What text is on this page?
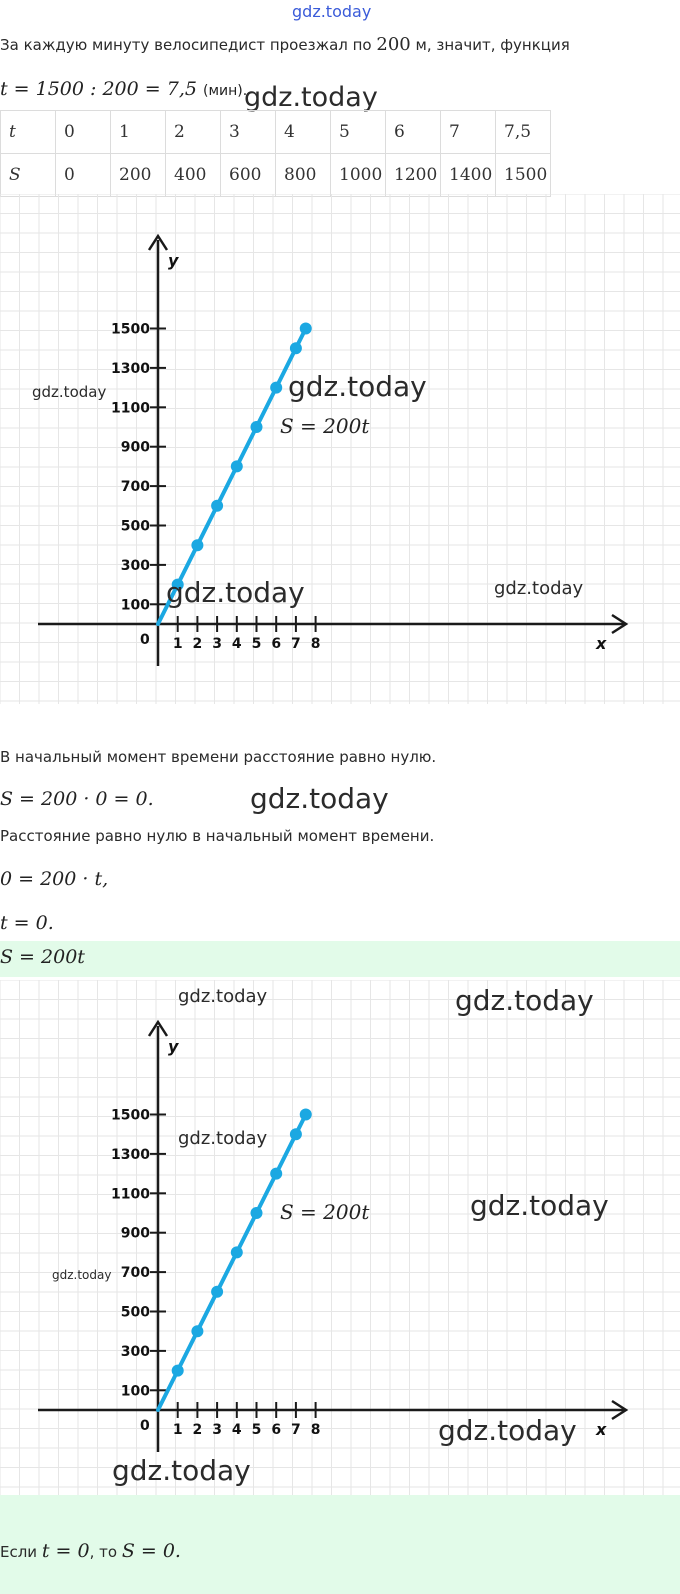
gdz.today
За каждую минуту велосипедист проезжал по 200 м, значит, функция
t = 1500 : 200 = 7,5 (мин).
gdz.today
t	0	1	2	3	4	5	6	7	7,5
S	0	200	400	600	800	1000	1200	1400	1500
x
y
0 1 2 3 4 5 6 7 8
100
300
500
700
900
1100
1300
1500
S = 200t
gdz.today	gdz.today
gdz.today	gdz.today
В начальный момент времени расстояние равно нулю.
S = 200 · 0 = 0.	gdz.today
Расстояние равно нулю в начальный момент времени.
0 = 200 · t,
t = 0.
S = 200t
x
y
0 1 2 3 4 5 6 7 8
100
300
500
700
900
1100
1300
1500
S = 200t
gdz.today	gdz.today
gdz.today
gdz.today
gdz.today
gdz.today
gdz.today
Если t = 0, то S = 0.
